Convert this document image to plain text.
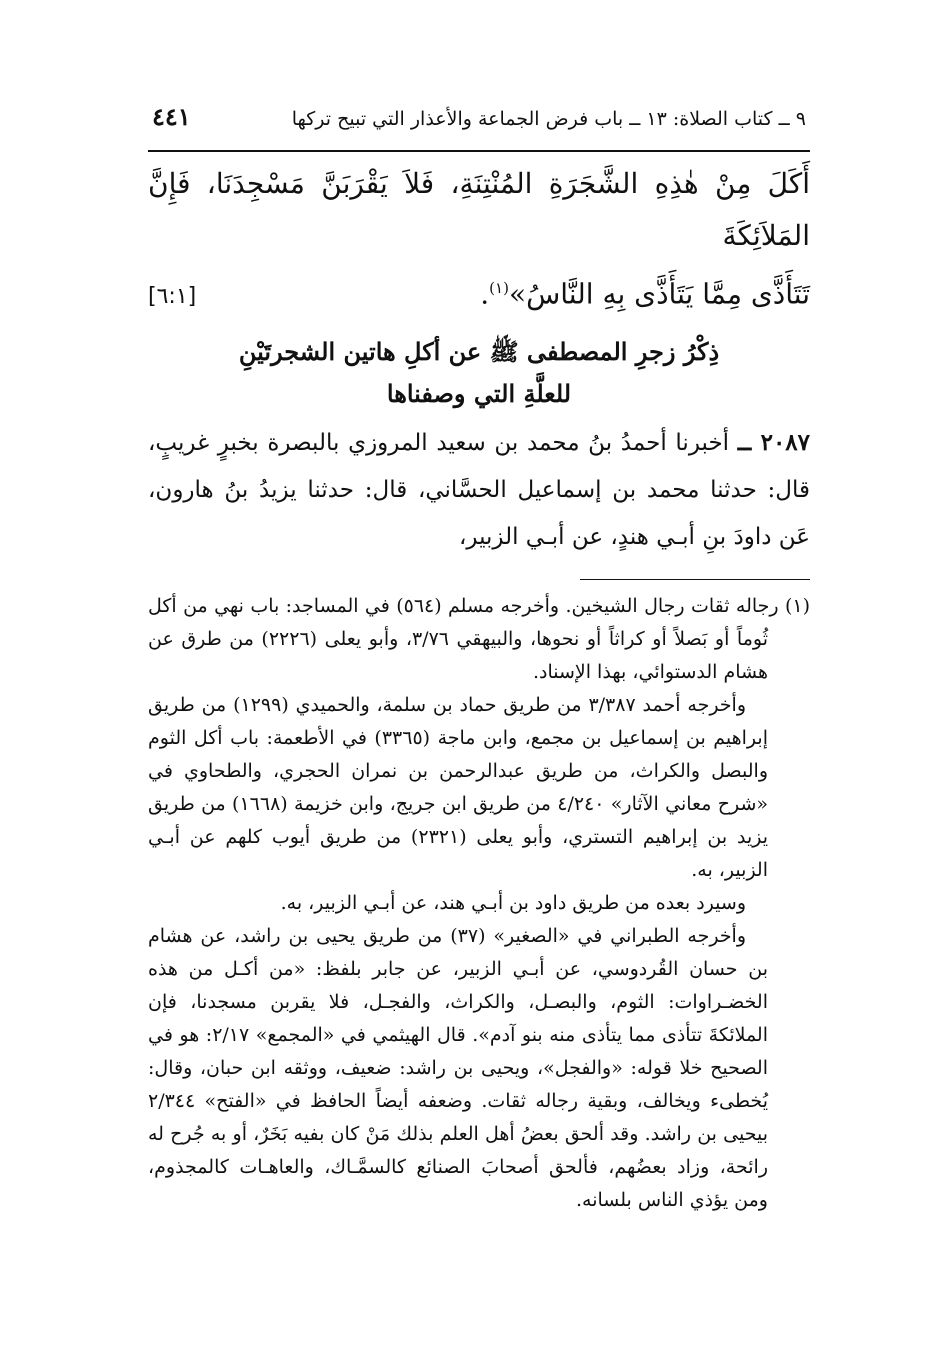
٩ ــ كتاب الصلاة: ١٣ ــ باب فرض الجماعة والأعذار التي تبيح تركها
٤٤١
أَكَلَ مِنْ هٰذِهِ الشَّجَرَةِ المُنْتِنَةِ، فَلاَ يَقْرَبَنَّ مَسْجِدَنَا، فَإِنَّ المَلاَئِكَةَ
تَتَأَذَّى مِمَّا يَتَأَذَّى بِهِ النَّاسُ»$^{(١)}$.
[٦:١]
ذِكْرُ زجرِ المصطفى ﷺ عن أكلِ هاتين الشجرتَيْنِ
للعلَّةِ التي وصفناها
٢٠٨٧ ــ أخبرنا أحمدُ بنُ محمد بن سعيد المروزي بالبصرة بخبرٍ غريبٍ، قال: حدثنا محمد بن إسماعيل الحسَّاني، قال: حدثنا يزيدُ بنُ هارون، عَن داودَ بنِ أبـي هندٍ، عن أبـي الزبير،

(١) رجاله ثقات رجال الشيخين. وأخرجه مسلم (٥٦٤) في المساجد: باب نهي من أكل ثُوماً أو بَصلاً أو كراثاً أو نحوها، والبيهقي ٣/٧٦، وأبو يعلى (٢٢٢٦) من طرق عن هشام الدستوائي، بهذا الإسناد.

وأخرجه أحمد ٣/٣٨٧ من طريق حماد بن سلمة، والحميدي (١٢٩٩) من طريق إبراهيم بن إسماعيل بن مجمع، وابن ماجة (٣٣٦٥) في الأطعمة: باب أكل الثوم والبصل والكراث، من طريق عبدالرحمن بن نمران الحجري، والطحاوي في «شرح معاني الآثار» ٤/٢٤٠ من طريق ابن جريج، وابن خزيمة (١٦٦٨) من طريق يزيد بن إبراهيم التستري، وأبو يعلى (٢٣٢١) من طريق أيوب كلهم عن أبـي الزبير، به.

وسيرد بعده من طريق داود بن أبـي هند، عن أبـي الزبير، به.

وأخرجه الطبراني في «الصغير» (٣٧) من طريق يحيى بن راشد، عن هشام بن حسان القُردوسي، عن أبـي الزبير، عن جابر بلفظ: «من أكـل من هذه الخضـراوات: الثوم، والبصـل، والكراث، والفجـل، فلا يقربن مسجدنا، فإن الملائكةَ تتأذى مما يتأذى منه بنو آدم». قال الهيثمي في «المجمع» ٢/١٧: هو في الصحيح خلا قوله: «والفجل»، ويحيى بن راشد: ضعيف، ووثقه ابن حبان، وقال: يُخطىء ويخالف، وبقية رجاله ثقات. وضعفه أيضاً الحافظ في «الفتح» ٢/٣٤٤ بيحيى بن راشد. وقد ألحق بعضُ أهل العلم بذلك مَنْ كان بفيه بَخَرٌ، أو به جُرح له رائحة، وزاد بعضُهم، فألحق أصحابَ الصنائع كالسمَّـاك، والعاهـات كالمجذوم، ومن يؤذي الناس بلسانه.
